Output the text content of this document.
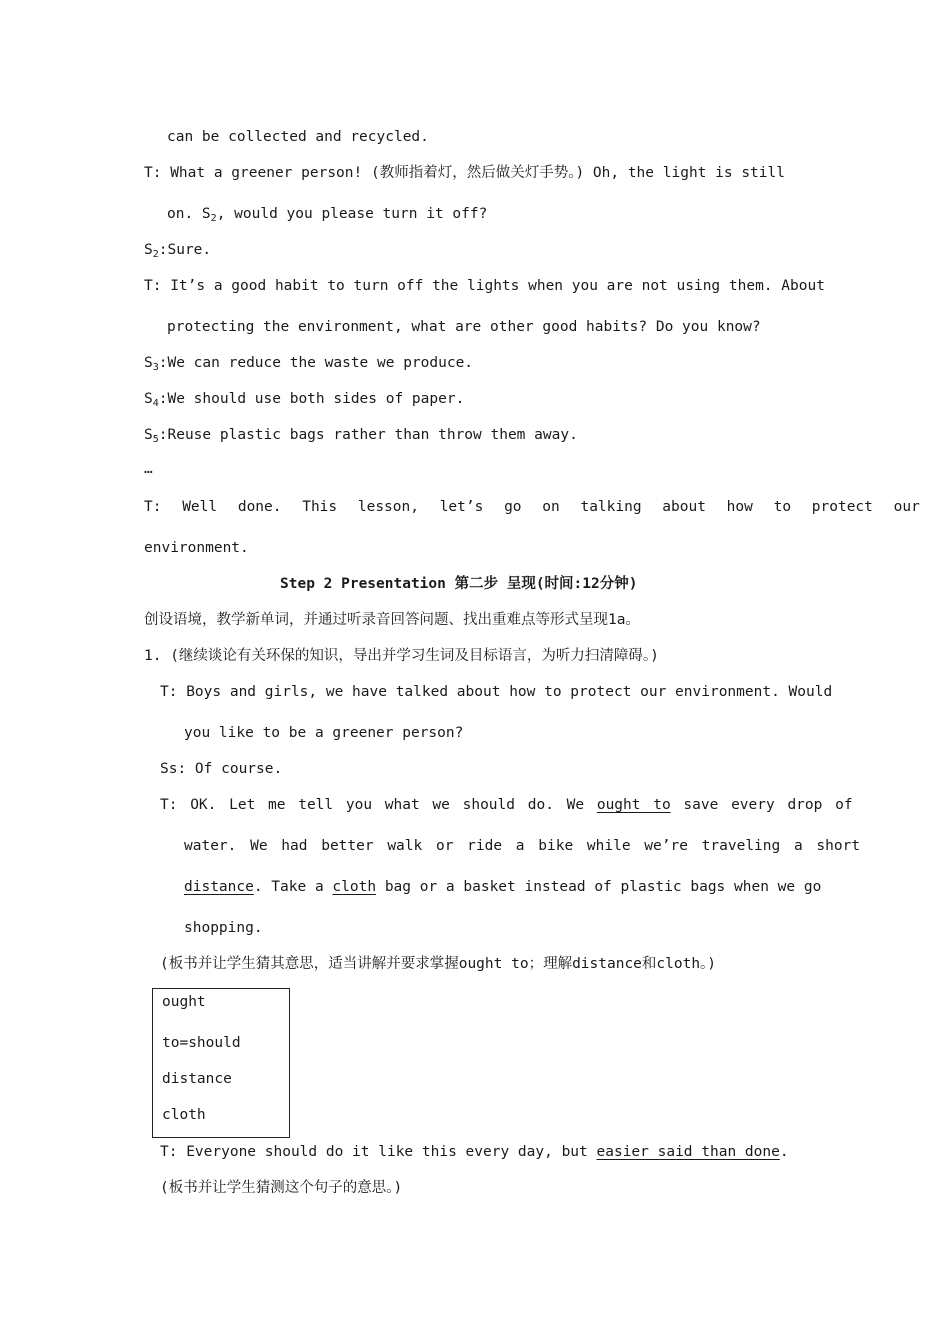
can be collected and recycled.
T: What a greener person! (教师指着灯，然后做关灯手势。) Oh, the light is still
on. $S_2$, would you please turn it off?
$S_2:Sure$.
T: It’s a good habit to turn off the lights when you are not using them. About
protecting the environment, what are other good habits? Do you know?
$S_3:We$ can reduce the waste we produce.
$S_4:We$ should use both sides of paper.
$S_5:Reuse$ plastic bags rather than throw them away.
…
T: Well done. This lesson, let’s go on talking about how to protect our
environment.
Step 2 Presentation 第二步 呈现(时间:12分钟)
创设语境，教学新单词，并通过听录音回答问题、找出重难点等形式呈现1a。
1. (继续谈论有关环保的知识，导出并学习生词及目标语言，为听力扫清障碍。)
T: Boys and girls, we have talked about how to protect our environment. Would
you like to be a greener person?
Ss: Of course.
T: OK. Let me tell you what we should do. We ought to save every drop of
water. We had better walk or ride a bike while we’re traveling a short
distance. Take a cloth bag or a basket instead of plastic bags when we go
shopping.
(板书并让学生猜其意思，适当讲解并要求掌握ought to；理解distance和cloth。)
ought
to=should
distance
cloth
T: Everyone should do it like this every day, but easier said than done.
(板书并让学生猜测这个句子的意思。)
